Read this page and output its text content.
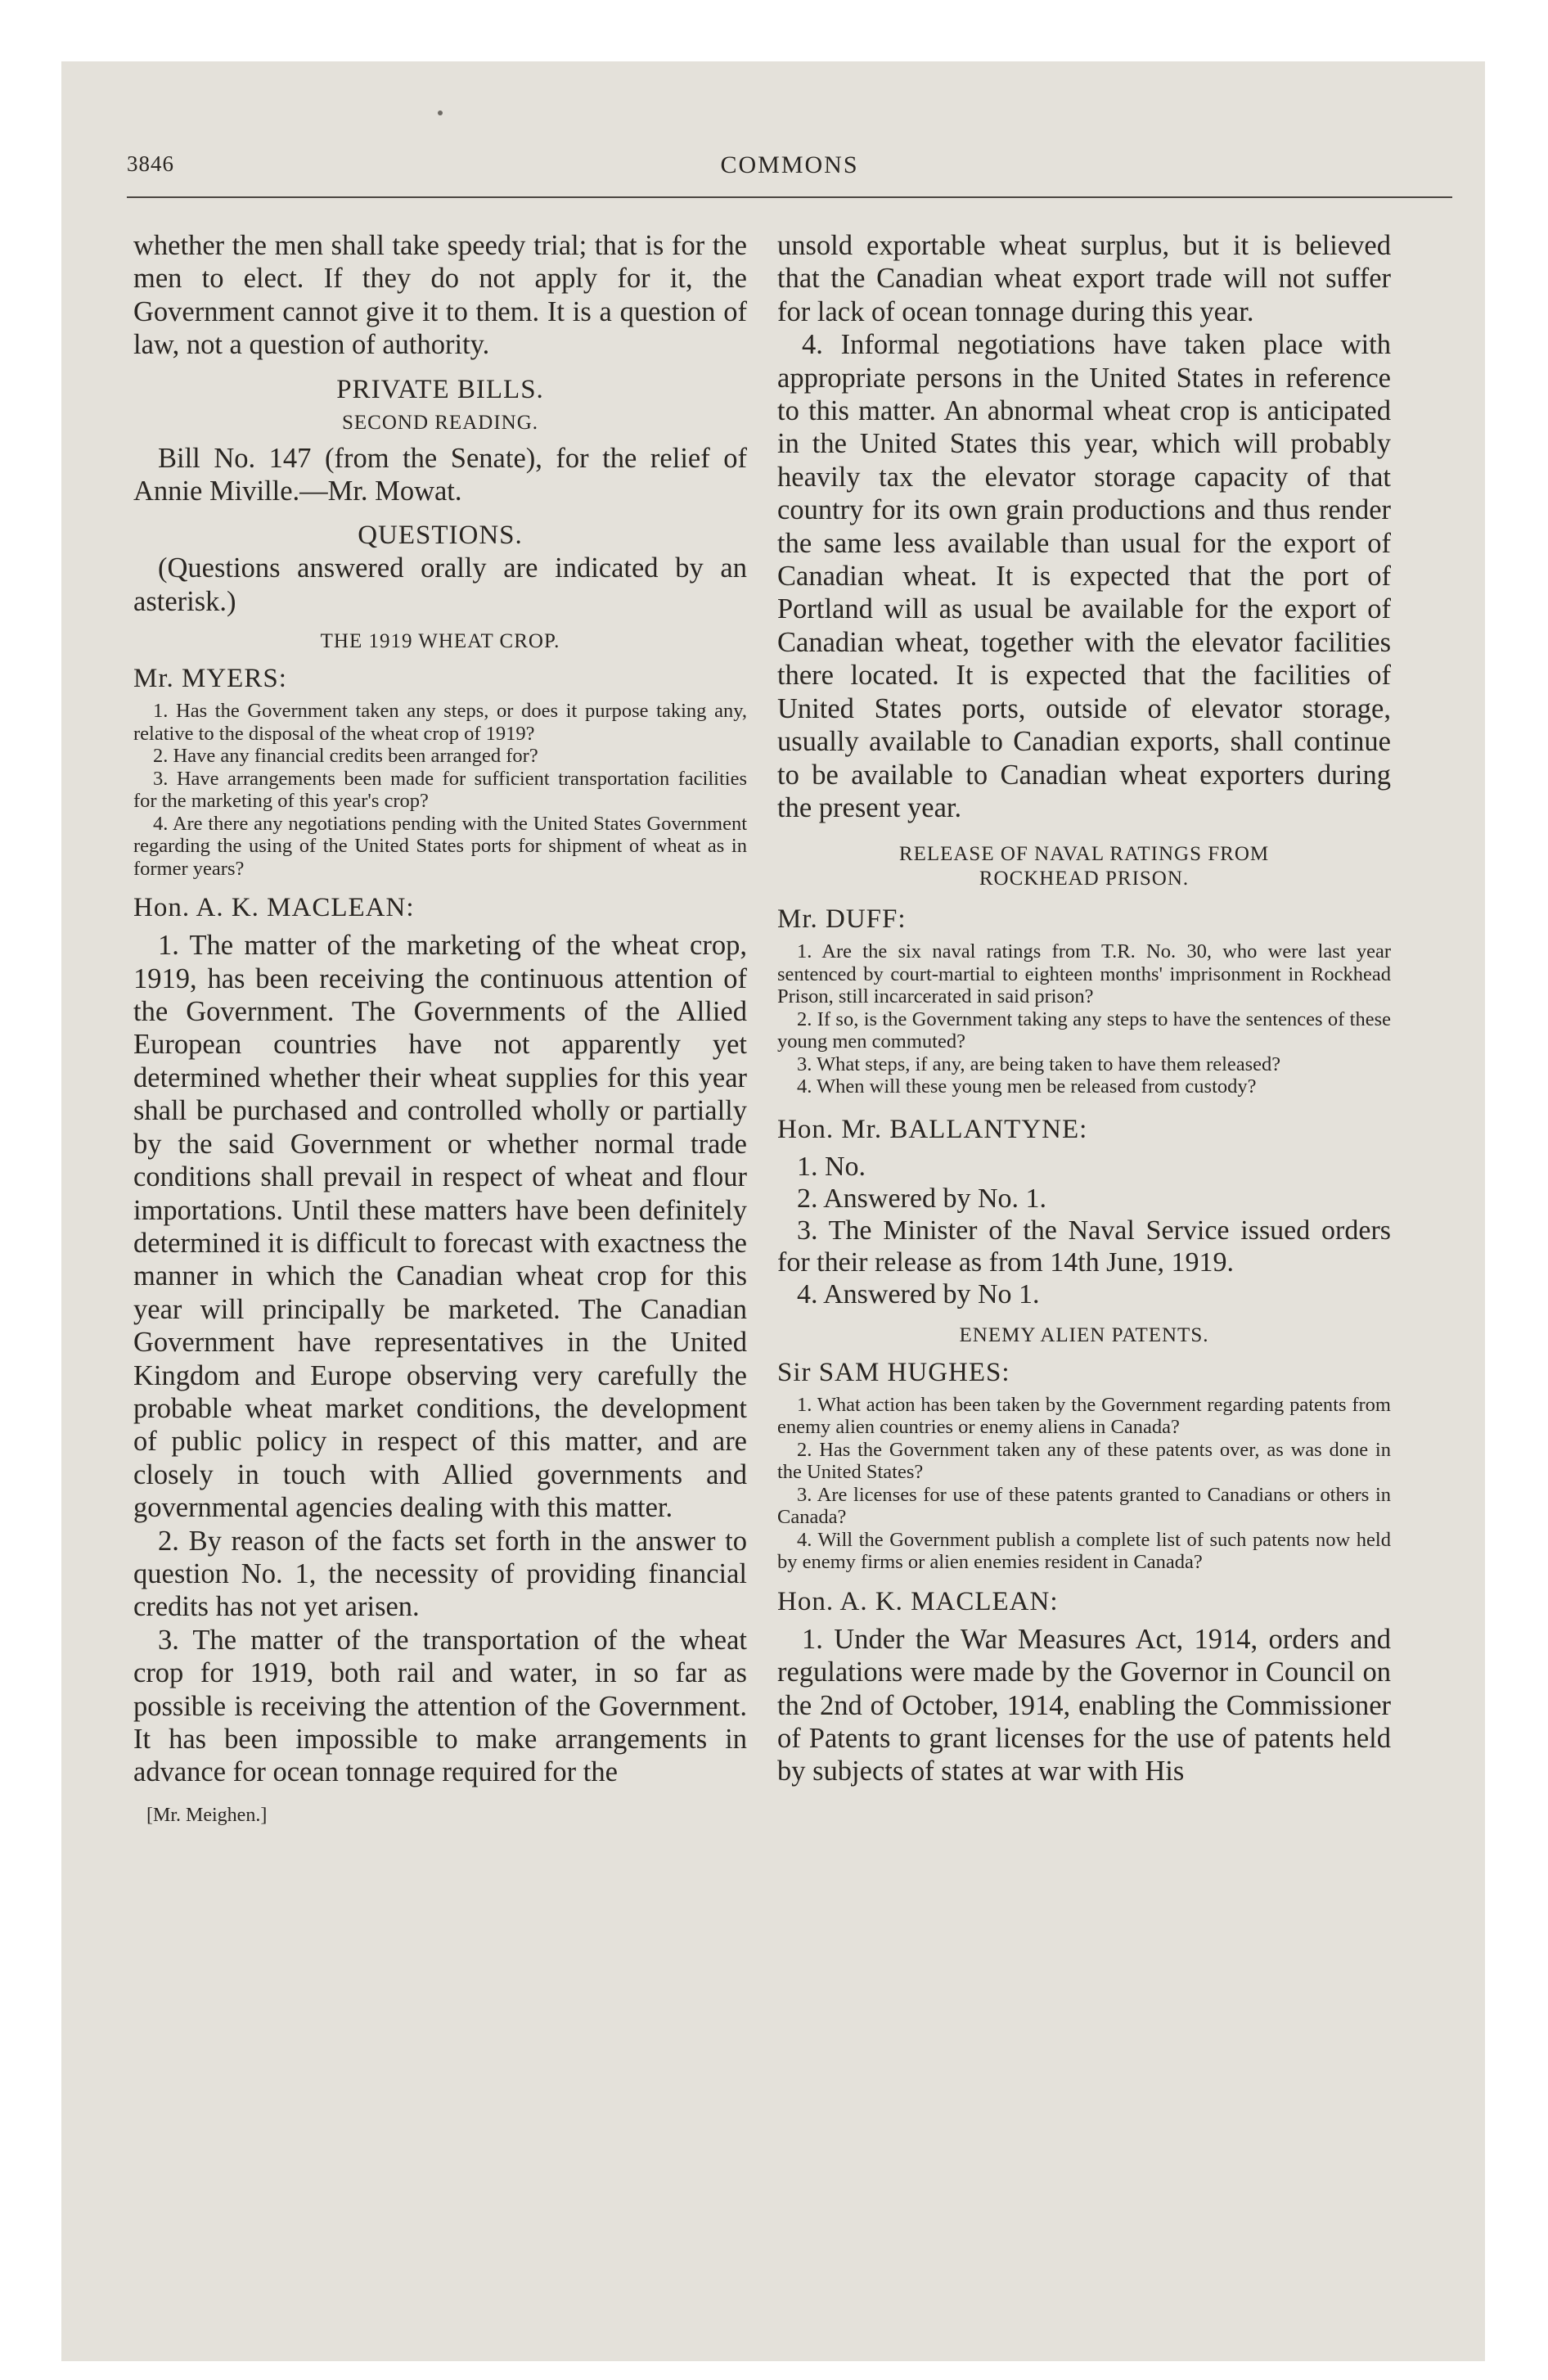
3846	COMMONS

whether the men shall take speedy trial; that is for the men to elect. If they do not apply for it, the Government cannot give it to them. It is a question of law, not a question of authority.

PRIVATE BILLS.
SECOND READING.

Bill No. 147 (from the Senate), for the relief of Annie Miville.—Mr. Mowat.

QUESTIONS.

(Questions answered orally are indicated by an asterisk.)

THE 1919 WHEAT CROP.
Mr. MYERS:

1. Has the Government taken any steps, or does it purpose taking any, relative to the disposal of the wheat crop of 1919?

2. Have any financial credits been arranged for?

3. Have arrangements been made for sufficient transportation facilities for the marketing of this year's crop?

4. Are there any negotiations pending with the United States Government regarding the using of the United States ports for shipment of wheat as in former years?

Hon. A. K. MACLEAN:

1. The matter of the marketing of the wheat crop, 1919, has been receiving the continuous attention of the Government. The Governments of the Allied European countries have not apparently yet determined whether their wheat supplies for this year shall be purchased and controlled wholly or partially by the said Government or whether normal trade conditions shall prevail in respect of wheat and flour importations. Until these matters have been definitely determined it is difficult to forecast with exactness the manner in which the Canadian wheat crop for this year will principally be marketed. The Canadian Government have representatives in the United Kingdom and Europe observing very carefully the probable wheat market conditions, the development of public policy in respect of this matter, and are closely in touch with Allied governments and governmental agencies dealing with this matter.

2. By reason of the facts set forth in the answer to question No. 1, the necessity of providing financial credits has not yet arisen.

3. The matter of the transportation of the wheat crop for 1919, both rail and water, in so far as possible is receiving the attention of the Government. It has been impossible to make arrangements in advance for ocean tonnage required for the

[Mr. Meighen.]

unsold exportable wheat surplus, but it is believed that the Canadian wheat export trade will not suffer for lack of ocean tonnage during this year.

4. Informal negotiations have taken place with appropriate persons in the United States in reference to this matter. An abnormal wheat crop is anticipated in the United States this year, which will probably heavily tax the elevator storage capacity of that country for its own grain productions and thus render the same less available than usual for the export of Canadian wheat. It is expected that the port of Portland will as usual be available for the export of Canadian wheat, together with the elevator facilities there located. It is expected that the facilities of United States ports, outside of elevator storage, usually available to Canadian exports, shall continue to be available to Canadian wheat exporters during the present year.

RELEASE OF NAVAL RATINGS FROM
ROCKHEAD PRISON.
Mr. DUFF:

1. Are the six naval ratings from T.R. No. 30, who were last year sentenced by court-martial to eighteen months' imprisonment in Rockhead Prison, still incarcerated in said prison?

2. If so, is the Government taking any steps to have the sentences of these young men commuted?

3. What steps, if any, are being taken to have them released?

4. When will these young men be released from custody?

Hon. Mr. BALLANTYNE:

1. No.

2. Answered by No. 1.

3. The Minister of the Naval Service issued orders for their release as from 14th June, 1919.

4. Answered by No 1.

ENEMY ALIEN PATENTS.
Sir SAM HUGHES:

1. What action has been taken by the Government regarding patents from enemy alien countries or enemy aliens in Canada?

2. Has the Government taken any of these patents over, as was done in the United States?

3. Are licenses for use of these patents granted to Canadians or others in Canada?

4. Will the Government publish a complete list of such patents now held by enemy firms or alien enemies resident in Canada?

Hon. A. K. MACLEAN:

1. Under the War Measures Act, 1914, orders and regulations were made by the Governor in Council on the 2nd of October, 1914, enabling the Commissioner of Patents to grant licenses for the use of patents held by subjects of states at war with His
